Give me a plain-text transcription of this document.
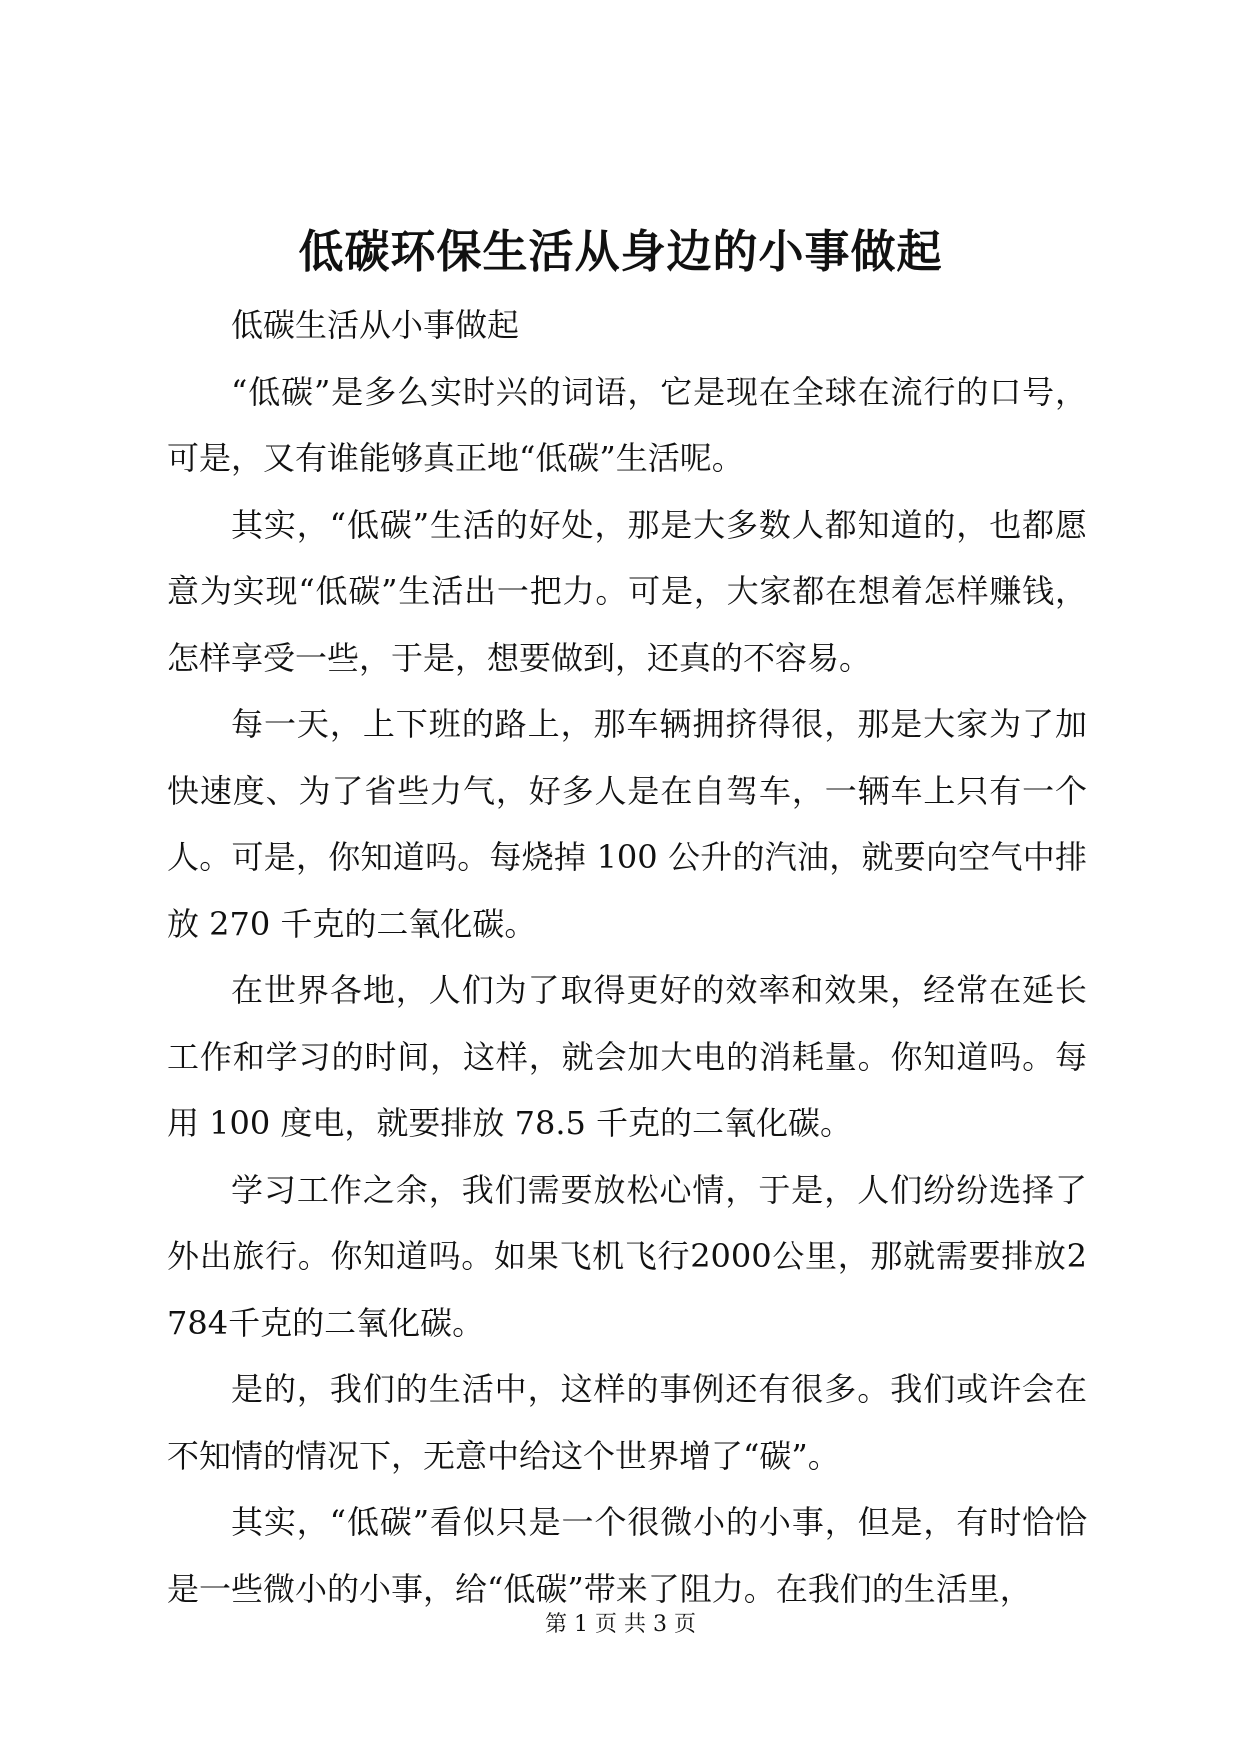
低碳环保生活从身边的小事做起

低碳生活从小事做起

“低碳”是多么实时兴的词语，它是现在全球在流行的口号，可是，又有谁能够真正地“低碳”生活呢。

其实，“低碳”生活的好处，那是大多数人都知道的，也都愿意为实现“低碳”生活出一把力。可是，大家都在想着怎样赚钱，怎样享受一些，于是，想要做到，还真的不容易。

每一天，上下班的路上，那车辆拥挤得很，那是大家为了加快速度、为了省些力气，好多人是在自驾车，一辆车上只有一个人。可是，你知道吗。每烧掉 100 公升的汽油，就要向空气中排放 270 千克的二氧化碳。

在世界各地，人们为了取得更好的效率和效果，经常在延长工作和学习的时间，这样，就会加大电的消耗量。你知道吗。每用 100 度电，就要排放 78.5 千克的二氧化碳。

学习工作之余，我们需要放松心情，于是，人们纷纷选择了外出旅行。你知道吗。如果飞机飞行2000公里，那就需要排放2784千克的二氧化碳。

是的，我们的生活中，这样的事例还有很多。我们或许会在不知情的情况下，无意中给这个世界增了“碳”。

其实，“低碳”看似只是一个很微小的小事，但是，有时恰恰是一些微小的小事，给“低碳”带来了阻力。在我们的生活里，

第 1 页 共 3 页
